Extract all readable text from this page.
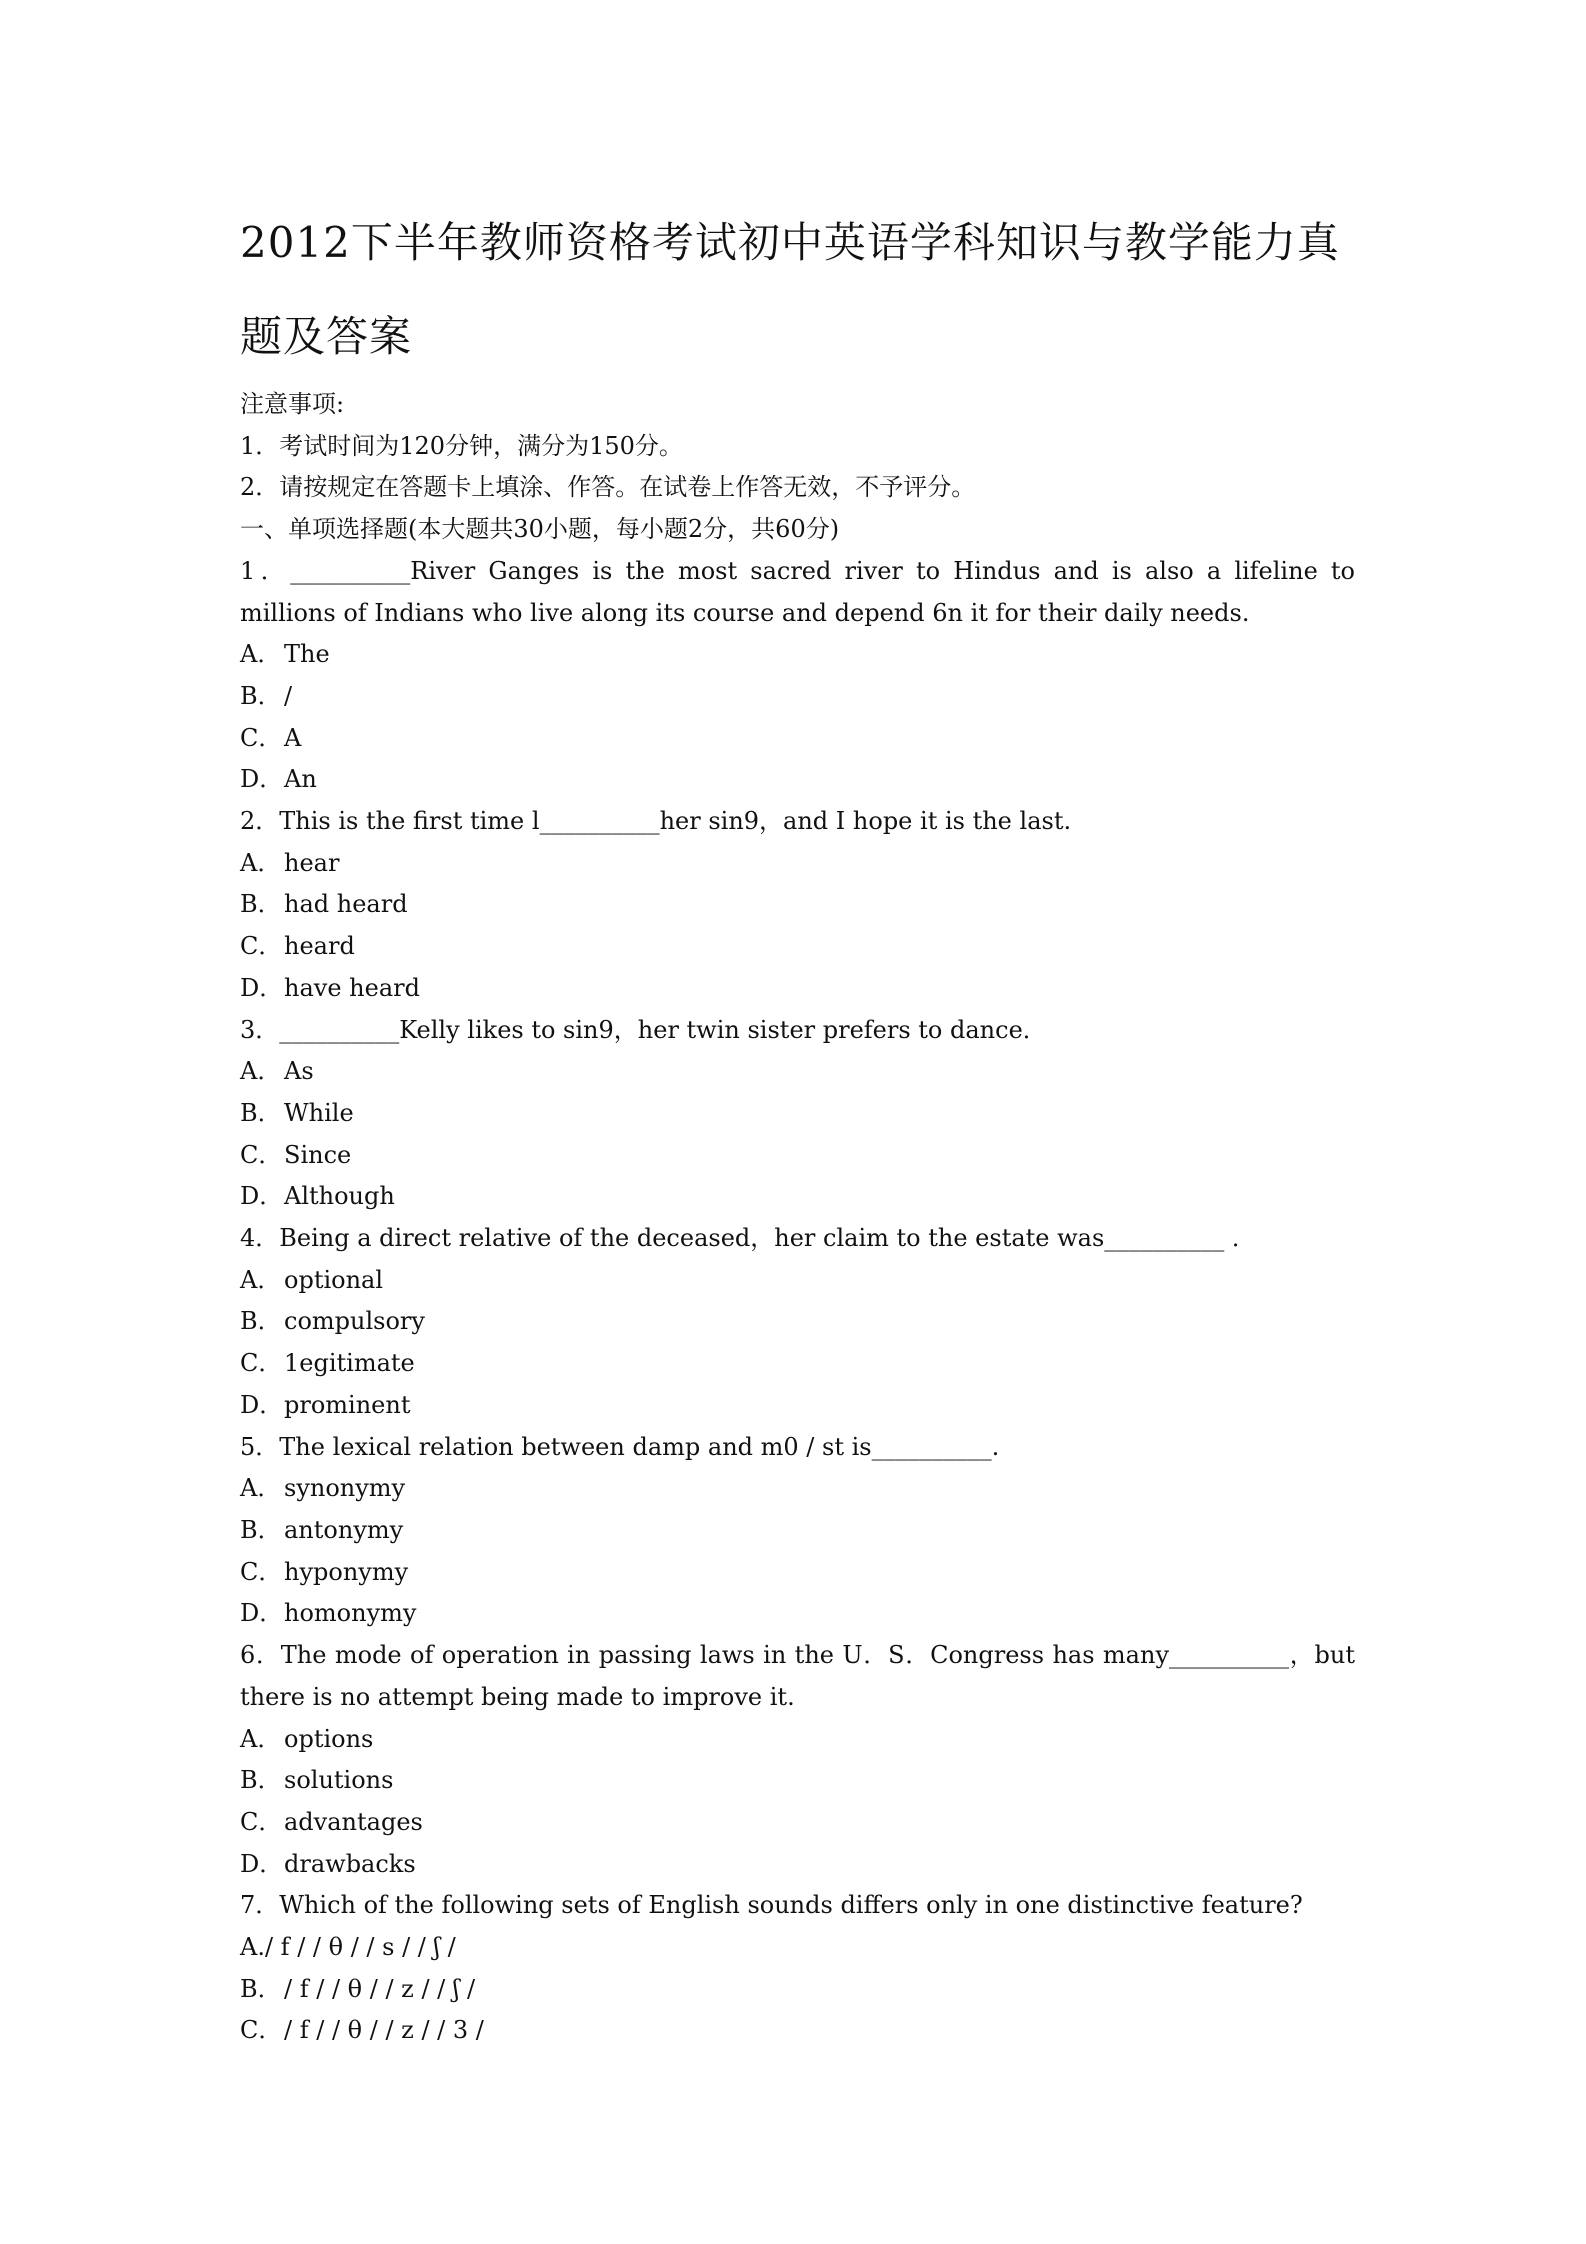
2012下半年教师资格考试初中英语学科知识与教学能力真题及答案
注意事项:
1．考试时间为120分钟，满分为150分。
2．请按规定在答题卡上填涂、作答。在试卷上作答无效，不予评分。
一、单项选择题(本大题共30小题，每小题2分，共60分)
1．__________River Ganges is the most sacred river to Hindus and is also a lifeline to millions of Indians who live along its course and depend 6n it for their daily needs.
A． The
B．/
C．A
D．An
2．This is the first time l__________her sin9，and I hope it is the last.
A． hear
B．had heard
C．heard
D．have heard
3．__________Kelly likes to sin9，her twin sister prefers to dance．
A． As
B．While
C．Since
D．Although
4．Being a direct relative of the deceased，her claim to the estate was__________ ．
A． optional
B．compulsory
C．1egitimate
D．prominent
5．The lexical relation between damp and m0 / st is__________.
A． synonymy
B．antonymy
C．hyponymy
D．homonymy
6．The mode of operation in passing laws in the U．S．Congress has many__________，but there is no attempt being made to improve it.
A． options
B．solutions
C．advantages
D．drawbacks
7．Which of the following sets of English sounds differs only in one distinctive feature?
A./ f / / θ / / s / / ʃ /
B．/ f / / θ / / z / / ʃ /
C．/ f / / θ / / z / / 3 /
